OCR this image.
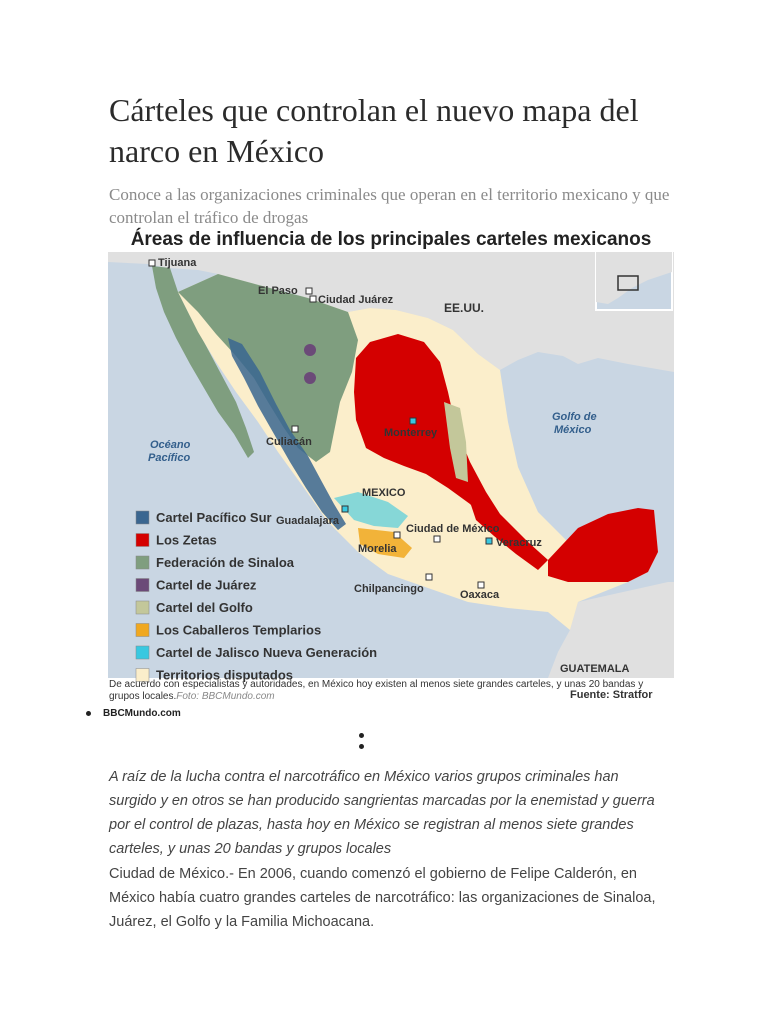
Cárteles que controlan el nuevo mapa del narco en México

Conoce a las organizaciones criminales que operan en el territorio mexicano y que controlan el tráfico de drogas

Áreas de influencia de los principales carteles mexicanos

EE.UU.
MEXICO
GUATEMALA
Fuente: Stratfor
Océano Pacífico
Golfo de México
Tijuana
El Paso
Ciudad Juárez
Culiacán
Monterrey
Guadalajara
Ciudad de México
Morelia	Veracruz
Chilpancingo	Oaxaca
Cartel Pacífico Sur
Los Zetas
Federación de Sinaloa
Cartel de Juárez
Cartel del Golfo
Los Caballeros Templarios
Cartel de Jalisco Nueva Generación
Territorios disputados

De acuerdo con especialistas y autoridades, en México hoy existen al menos siete grandes carteles, y unas 20 bandas y grupos locales.Foto: BBCMundo.com

BBCMundo.com

A raíz de la lucha contra el narcotráfico en México varios grupos criminales han surgido y en otros se han producido sangrientas marcadas por la enemistad y guerra por el control de plazas, hasta hoy en México se registran al menos siete grandes carteles, y unas 20 bandas y grupos locales

Ciudad de México.- En 2006, cuando comenzó el gobierno de Felipe Calderón, en México había cuatro grandes carteles de narcotráfico: las organizaciones de Sinaloa, Juárez, el Golfo y la Familia Michoacana.
